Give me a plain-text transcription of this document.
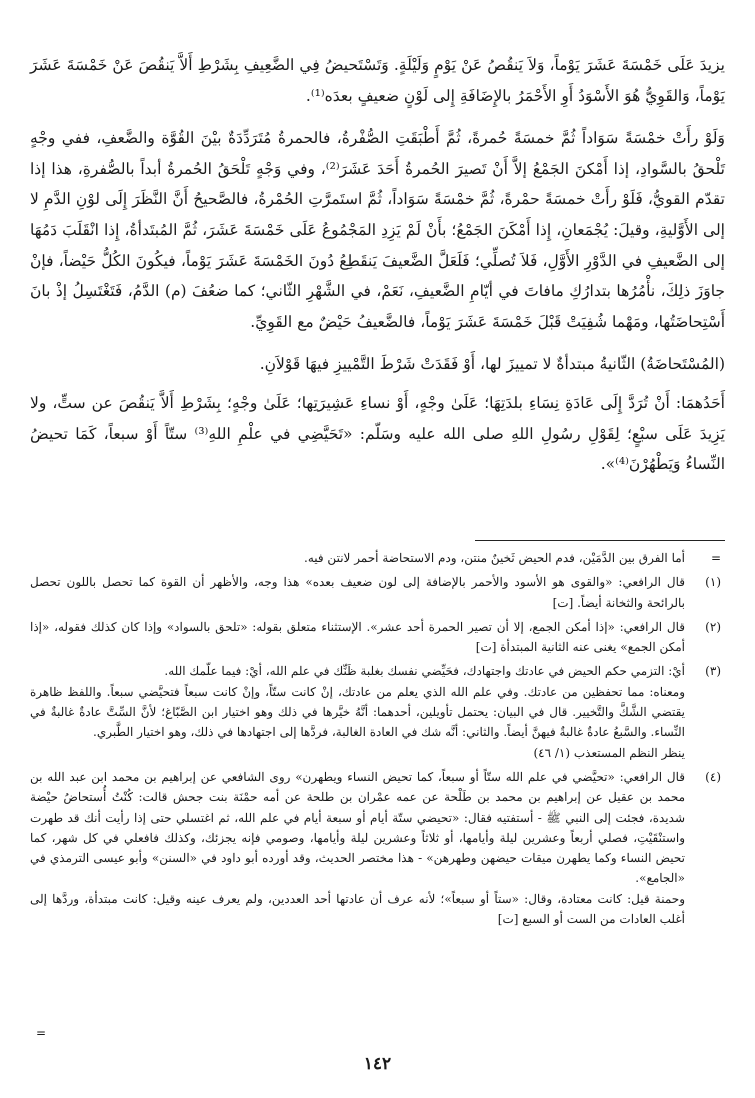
يزيدَ عَلَى خَمْسَةَ عَشَرَ يَوْماً، وَلاَ يَنقُصُ عَنْ يَوْمٍ وَلَيْلَةٍ. وَتَسْتَحيضُ فِي الضَّعِيفِ بِشَرْطِ أَلاَّ يَنقُصَ عَنْ خَمْسَةَ عَشَرَ يَوْماً، وَالقَوِيُّ هُوَ الأَسْوَدُ أَوِ الأَحْمَرُ بالإِضَافَةِ إِلى لَوْنٍ ضعيفٍ بعدَه⁽¹⁾.

وَلَوْ رأَتْ خمْسَةً سَوَاداً ثُمَّ خمسَةً حُمرةً، ثُمَّ أَطْبَقَتِ الصُّفْرةُ، فالحمرةُ مُتَرَدِّدَةٌ بيْنَ القُوَّة والضَّعفِ، ففي وجْهٍ تَلْحقُ بالسَّوادِ، إذا أَمْكنَ الجَمْعُ إلاَّ أَنْ تَصيرَ الحُمرةُ أَحَدَ عَشَرَ⁽²⁾، وفي وَجْهٍ تَلْحَقُ الحُمرةُ أبداً بالصُّفرةِ، هذا إذا تقدّم القويُّ، فَلَوْ رأَتْ خمسَةً حمْرةً، ثُمَّ خمْسَةً سَوَاداً، ثُمَّ استَمرَّتِ الحُمْرةُ، فالصَّحيحُ أَنَّ النَّظَرَ إِلَى لوْنِ الدَّمِ لا إلى الأَوَّليةِ، وقيلَ: يُجْمَعانِ، إِذا أَمْكَنَ الجَمْعُ؛ بأَنْ لَمْ يَزِدِ المَجْمُوعُ عَلَى خَمْسَةَ عَشَرَ، ثُمَّ المُبتَدأةُ، إِذا انْقَلَبَ دَمُهَا إلى الضَّعيفِ في الدَّوْرِ الأَوَّلِ، فَلاَ تُصلِّي؛ فَلَعَلَّ الضَّعيفَ يَنقَطِعُ دُونَ الخَمْسَةَ عَشَرَ يَوْماً، فيكُونَ الكُلُّ حَيْضاً، فإنْ جاوَزَ ذلِكَ، نأْمُرُها بتدارُكِ مافاتَ في أيّامِ الضَّعيفِ، نَعَمْ، في الشَّهْرِ الثّاني؛ كما ضعُفَ (م) الدَّمُ، فَتَغْتَسِلُ إذْ بانَ أَسْتِحاضَتُها، ومَهْما شُفِيَتْ قَبْلَ خَمْسَةَ عَشَرَ يَوْماً، فالضَّعيفُ حَيْضٌ مع القَوِيِّ.

(المُسْتَحاضَةُ) الثّانيةُ مبتدأةٌ لا تمييزَ لها، أَوْ فَقَدَتْ شَرْطَ التَّمْييزِ فيهَا قَوْلاَنِ.

أَحَدُهمَا: أَنْ تُرَدَّ إِلَى عَادَةِ نِسَاءِ بلدَتِهَا؛ عَلَىٰ وجْهٍ، أَوْ نساءِ عَشِيرَتِها؛ عَلَىٰ وجْهٍ؛ بِشَرْطِ أَلاَّ يَنقُصَ عن ستٍّ، ولا يَزِيدَ عَلَى سبْعٍ؛ لِقَوْلِ رسُولِ اللهِ صلى الله عليه وسَلّم: «تَحَيَّضِي في علْمِ اللهِ⁽³⁾ ستّاً أَوْ سبعاً، كَمَا تحيضُ النِّساءُ وَيَطْهُرْنَ⁽⁴⁾».

=
أما الفرق بين الدَّمَيْن، فدم الحيض ثَخينٌ منتن، ودم الاستحاضة أحمر لانتن فيه.
(١)

قال الرافعي: «والقوى هو الأسود والأحمر بالإضافة إلى لون ضعيف بعده» هذا وجه، والأظهر أن القوة كما تحصل باللون تحصل بالرائحة والثخانة أيضاً. [ت]

(٢)

قال الرافعي: «إذا أمكن الجمع، إلا أن تصير الحمرة أحد عشر». الإستثناء متعلق بقوله: «تلحق بالسواد» وإذا كان كذلك فقوله، «إذا أمكن الجمع» يغنى عنه الثانية المبتدأة [ت]

(٣)

أيْ: التزمي حكم الحيض في عادتك واجتهادك، فحَيِّضي نفسك بغلبة ظَنِّك في علم الله، أيْ: فيما علّمك الله.

ومعناه: مما تحفظين من عادتك. وفي علم الله الذي يعلم من عادتك، إنْ كانت ستّاً، وإنْ كانت سبعاً فتحيَّضي سبعاً. واللفظ ظاهرة يقتضي الشَّكَّ والتَّخيير. قال في البيان: يحتمل تأويلين، أحدهما: أنَّهُ خيَّرها في ذلك وهو اختيار ابن الصَّبّاغ؛ لأنَّ السِّتَّ عادةٌ غالبةٌ في النِّساء. والسَّبعُ عادةٌ غالبةٌ فيهنَّ أيضاً. والثاني: أنَّه شك في العادة الغالبة، فردَّها إلى اجتهادها في ذلك، وهو اختيار الطَّبري.

ينظر النظم المستعذب (١/ ٤٦)

(٤)

قال الرافعي: «تحيَّضي في علم الله ستّاً أو سبعاً، كما تحيض النساء ويطهرن» روى الشافعي عن إبراهيم بن محمد ابن عبد الله بن محمد بن عقيل عن إبراهيم بن محمد بن طَلْحة عن عمه عمْران بن طلحة عن أمه حمْنَة بنت جحش قالت: كُنْتُ أُستحاضُ حيْضة شديدة، فجئت إلى النبي ﷺ - أستفتيه فقال: «تحيضي ستّة أيام أو سبعة أيام في علم الله، ثم اغتسلي حتى إذا رأيت أنك قد طهرت واستنْقَيْتِ، فصلي أربعاً وعشرين ليلة وأيامها، أو ثلاثاً وعشرين ليلة وأيامها، وصومي فإنه يجزئك، وكذلك فافعلي في كل شهر، كما تحيض النساء وكما يطهرن ميقات حيضهن وطهرهن» - هذا مختصر الحديث، وقد أورده أبو داود في «السنن» وأبو عيسى الترمذي في «الجامع».

وحمنة قيل: كانت معتادة، وقال: «ستاً أو سبعاً»؛ لأنه عرف أن عادتها أحد العددين، ولم يعرف عينه وقيل: كانت مبتدأة، وردَّها إلى أغلب العادات من الست أو السبع [ت]

=
١٤٢
